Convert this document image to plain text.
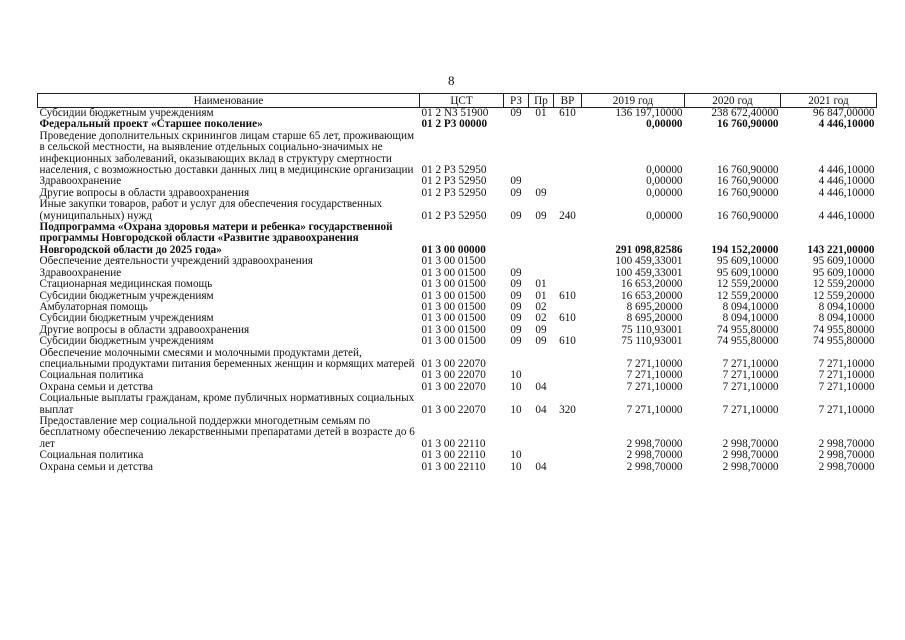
8
Наименование	ЦСТ	РЗ	Пр	ВР	2019 год	2020 год	2021 год
Субсидии бюджетным учреждениям	01 2 N3 51900	09	01	610	136 197,10000	238 672,40000	96 847,00000
Федеральный проект «Старшее поколение»	01 2 P3 00000				0,00000	16 760,90000	4 446,10000
Проведение дополнительных скринингов лицам старше 65 лет, проживающим в сельской местности, на выявление отдельных социально-значимых не инфекционных заболеваний, оказывающих вклад в структуру смертности населения, с возможностью доставки данных лиц в медицинские организации	01 2 P3 52950				0,00000	16 760,90000	4 446,10000
Здравоохранение	01 2 P3 52950	09			0,00000	16 760,90000	4 446,10000
Другие вопросы в области здравоохранения	01 2 P3 52950	09	09		0,00000	16 760,90000	4 446,10000
Иные закупки товаров, работ и услуг для обеспечения государственных (муниципальных) нужд	01 2 P3 52950	09	09	240	0,00000	16 760,90000	4 446,10000
Подпрограмма «Охрана здоровья матери и ребенка» государственной программы Новгородской области «Развитие здравоохранения Новгородской области до 2025 года»	01 3 00 00000				291 098,82586	194 152,20000	143 221,00000
Обеспечение деятельности учреждений здравоохранения	01 3 00 01500				100 459,33001	95 609,10000	95 609,10000
Здравоохранение	01 3 00 01500	09			100 459,33001	95 609,10000	95 609,10000
Стационарная медицинская помощь	01 3 00 01500	09	01		16 653,20000	12 559,20000	12 559,20000
Субсидии бюджетным учреждениям	01 3 00 01500	09	01	610	16 653,20000	12 559,20000	12 559,20000
Амбулаторная помощь	01 3 00 01500	09	02		8 695,20000	8 094,10000	8 094,10000
Субсидии бюджетным учреждениям	01 3 00 01500	09	02	610	8 695,20000	8 094,10000	8 094,10000
Другие вопросы в области здравоохранения	01 3 00 01500	09	09		75 110,93001	74 955,80000	74 955,80000
Субсидии бюджетным учреждениям	01 3 00 01500	09	09	610	75 110,93001	74 955,80000	74 955,80000
Обеспечение молочными смесями и молочными продуктами детей, специальными продуктами питания беременных женщин и кормящих матерей	01 3 00 22070				7 271,10000	7 271,10000	7 271,10000
Социальная политика	01 3 00 22070	10			7 271,10000	7 271,10000	7 271,10000
Охрана семьи и детства	01 3 00 22070	10	04		7 271,10000	7 271,10000	7 271,10000
Социальные выплаты гражданам, кроме публичных нормативных социальных выплат	01 3 00 22070	10	04	320	7 271,10000	7 271,10000	7 271,10000
Предоставление мер социальной поддержки многодетным семьям по бесплатному обеспечению лекарственными препаратами детей в возрасте до 6 лет	01 3 00 22110				2 998,70000	2 998,70000	2 998,70000
Социальная политика	01 3 00 22110	10			2 998,70000	2 998,70000	2 998,70000
Охрана семьи и детства	01 3 00 22110	10	04		2 998,70000	2 998,70000	2 998,70000
